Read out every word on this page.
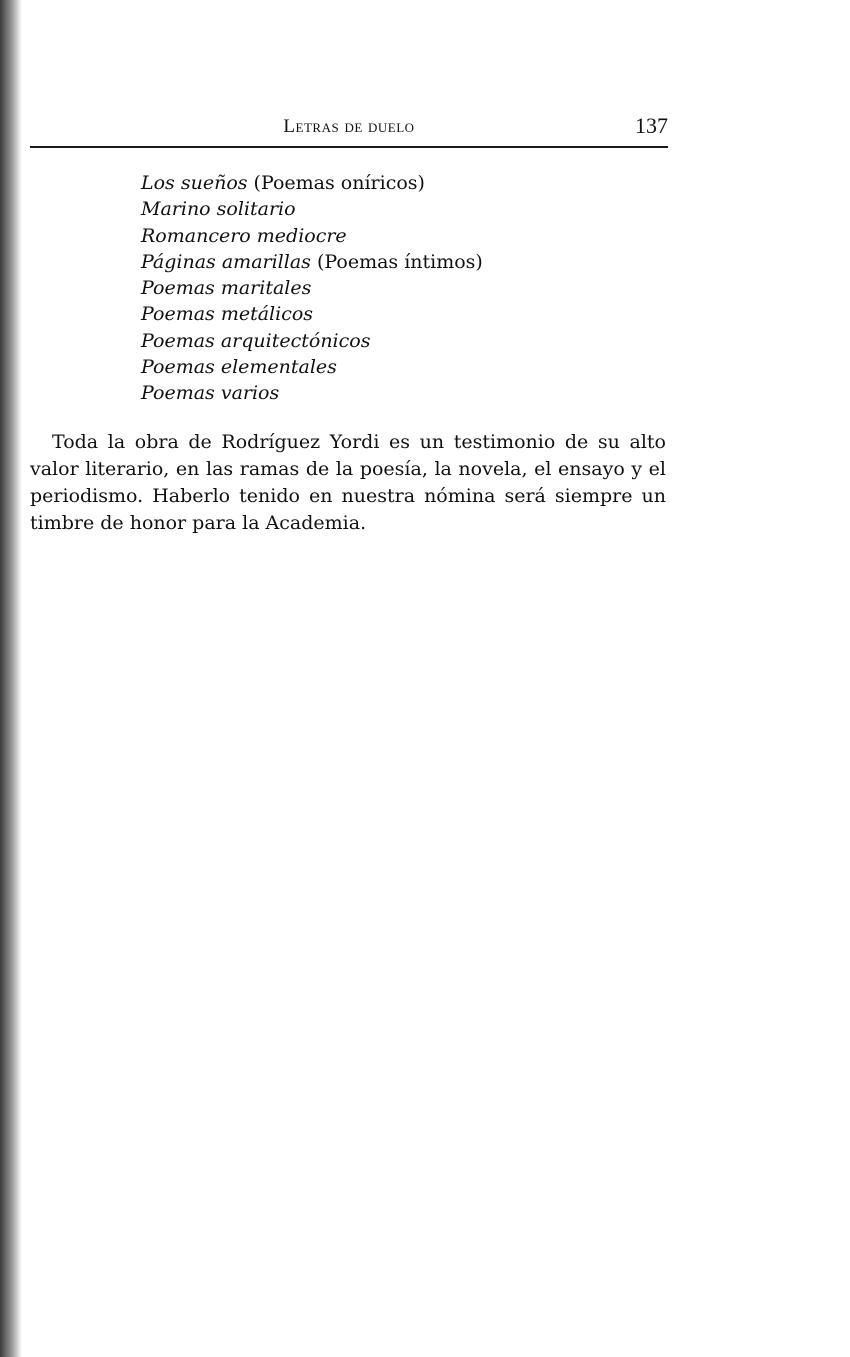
Letras de duelo	137
Los sueños (Poemas oníricos)
Marino solitario
Romancero mediocre
Páginas amarillas (Poemas íntimos)
Poemas maritales
Poemas metálicos
Poemas arquitectónicos
Poemas elementales
Poemas varios

Toda la obra de Rodríguez Yordi es un testimonio de su alto valor literario, en las ramas de la poesía, la novela, el ensayo y el periodismo. Haberlo tenido en nuestra nómina será siempre un timbre de honor para la Academia.
